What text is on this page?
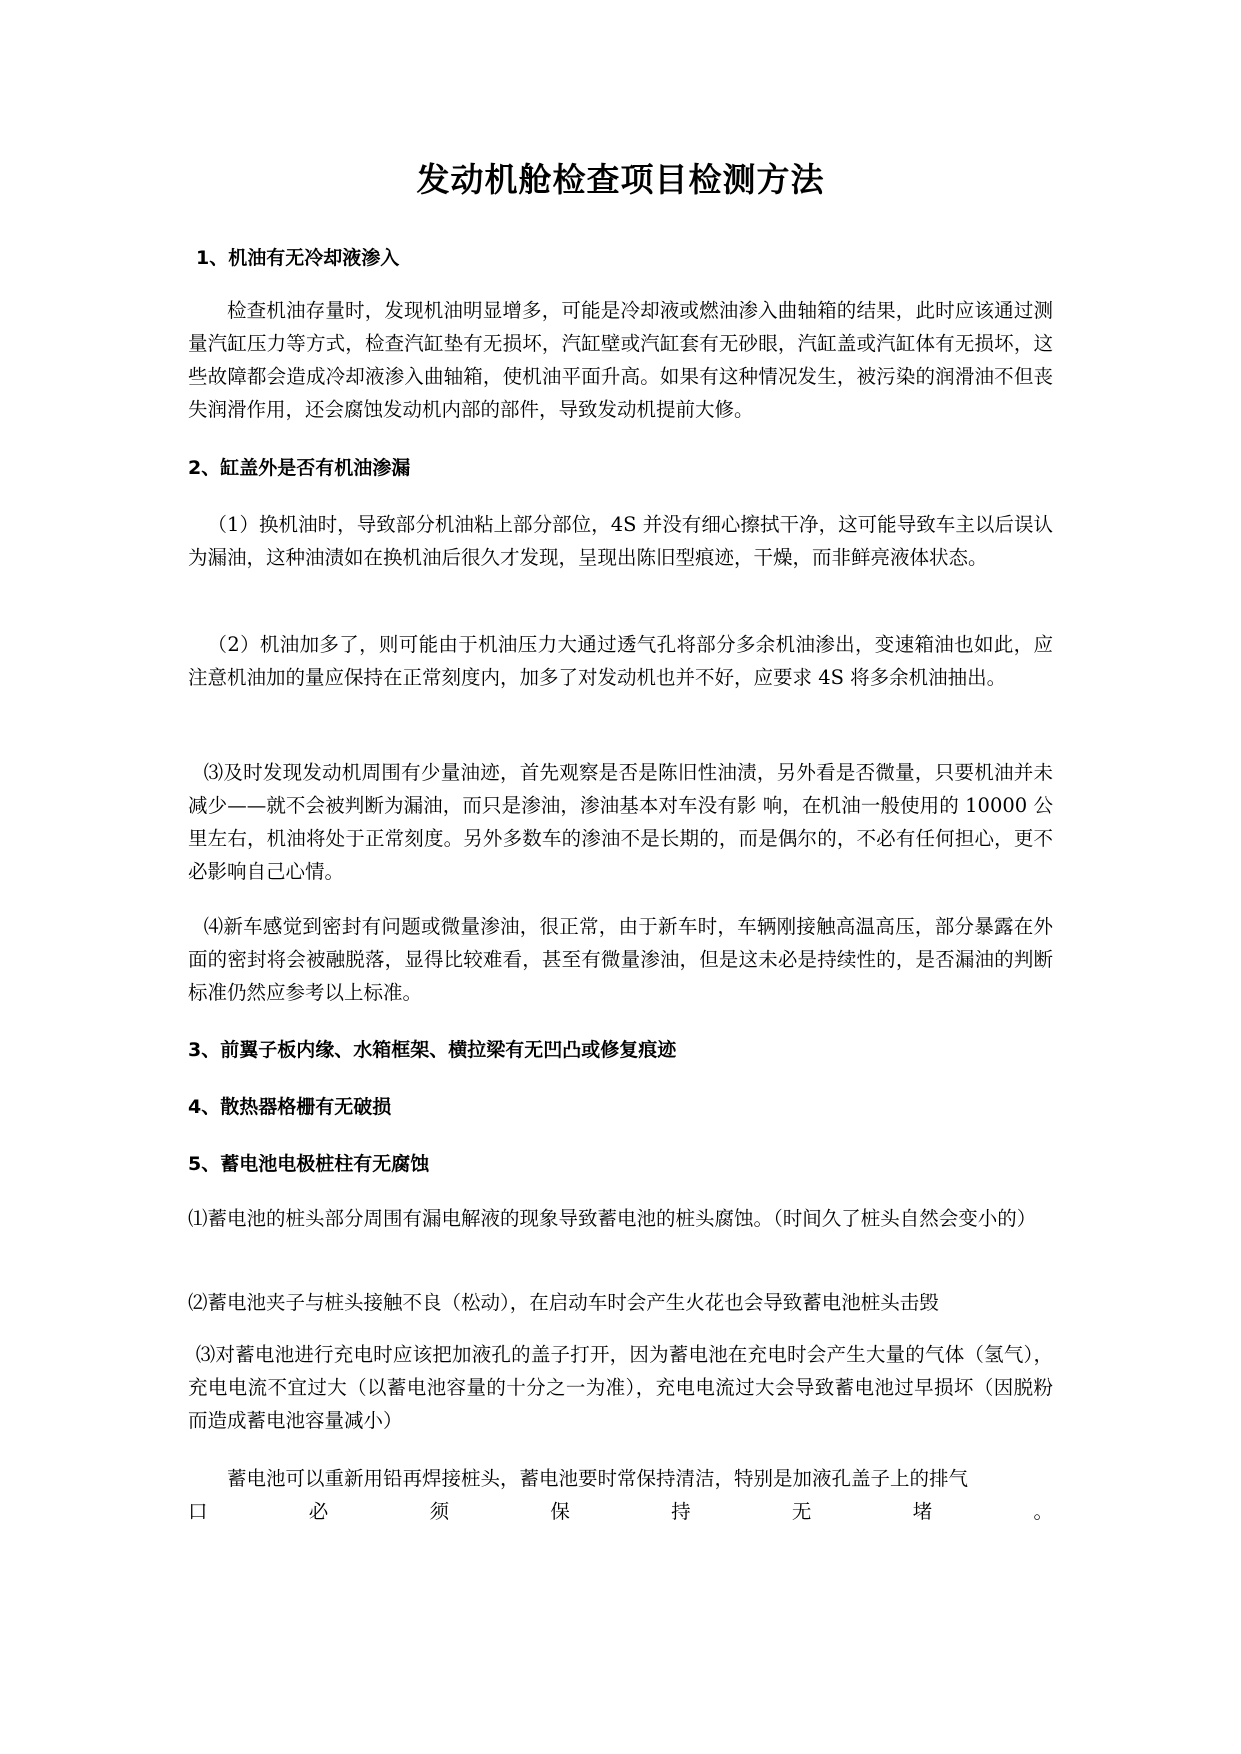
发动机舱检查项目检测方法
1、机油有无冷却液渗入
检查机油存量时，发现机油明显增多，可能是冷却液或燃油渗入曲轴箱的结果，此时应该通过测量汽缸压力等方式，检查汽缸垫有无损坏，汽缸壁或汽缸套有无砂眼，汽缸盖或汽缸体有无损坏，这些故障都会造成冷却液渗入曲轴箱，使机油平面升高。如果有这种情况发生，被污染的润滑油不但丧失润滑作用，还会腐蚀发动机内部的部件，导致发动机提前大修。
2、缸盖外是否有机油渗漏
（1）换机油时，导致部分机油粘上部分部位，4S 并没有细心擦拭干净，这可能导致车主以后误认为漏油，这种油渍如在换机油后很久才发现，呈现出陈旧型痕迹，干燥，而非鲜亮液体状态。
（2）机油加多了，则可能由于机油压力大通过透气孔将部分多余机油渗出，变速箱油也如此，应注意机油加的量应保持在正常刻度内，加多了对发动机也并不好，应要求 4S 将多余机油抽出。
⑶及时发现发动机周围有少量油迹，首先观察是否是陈旧性油渍，另外看是否微量，只要机油并未减少——就不会被判断为漏油，而只是渗油，渗油基本对车没有影 响，在机油一般使用的 10000 公里左右，机油将处于正常刻度。另外多数车的渗油不是长期的，而是偶尔的，不必有任何担心，更不必影响自己心情。
⑷新车感觉到密封有问题或微量渗油，很正常，由于新车时，车辆刚接触高温高压，部分暴露在外面的密封将会被融脱落，显得比较难看，甚至有微量渗油，但是这未必是持续性的，是否漏油的判断标准仍然应参考以上标准。
3、前翼子板内缘、水箱框架、横拉梁有无凹凸或修复痕迹
4、散热器格栅有无破损
5、蓄电池电极桩柱有无腐蚀
⑴蓄电池的桩头部分周围有漏电解液的现象导致蓄电池的桩头腐蚀。（时间久了桩头自然会变小的）
⑵蓄电池夹子与桩头接触不良（松动），在启动车时会产生火花也会导致蓄电池桩头击毁
⑶对蓄电池进行充电时应该把加液孔的盖子打开，因为蓄电池在充电时会产生大量的气体（氢气），充电电流不宜过大（以蓄电池容量的十分之一为准），充电电流过大会导致蓄电池过早损坏（因脱粉而造成蓄电池容量减小）
蓄电池可以重新用铅再焊接桩头，蓄电池要时常保持清洁，特别是加液孔盖子上的排气
口	必	须	保	持	无	堵	。
